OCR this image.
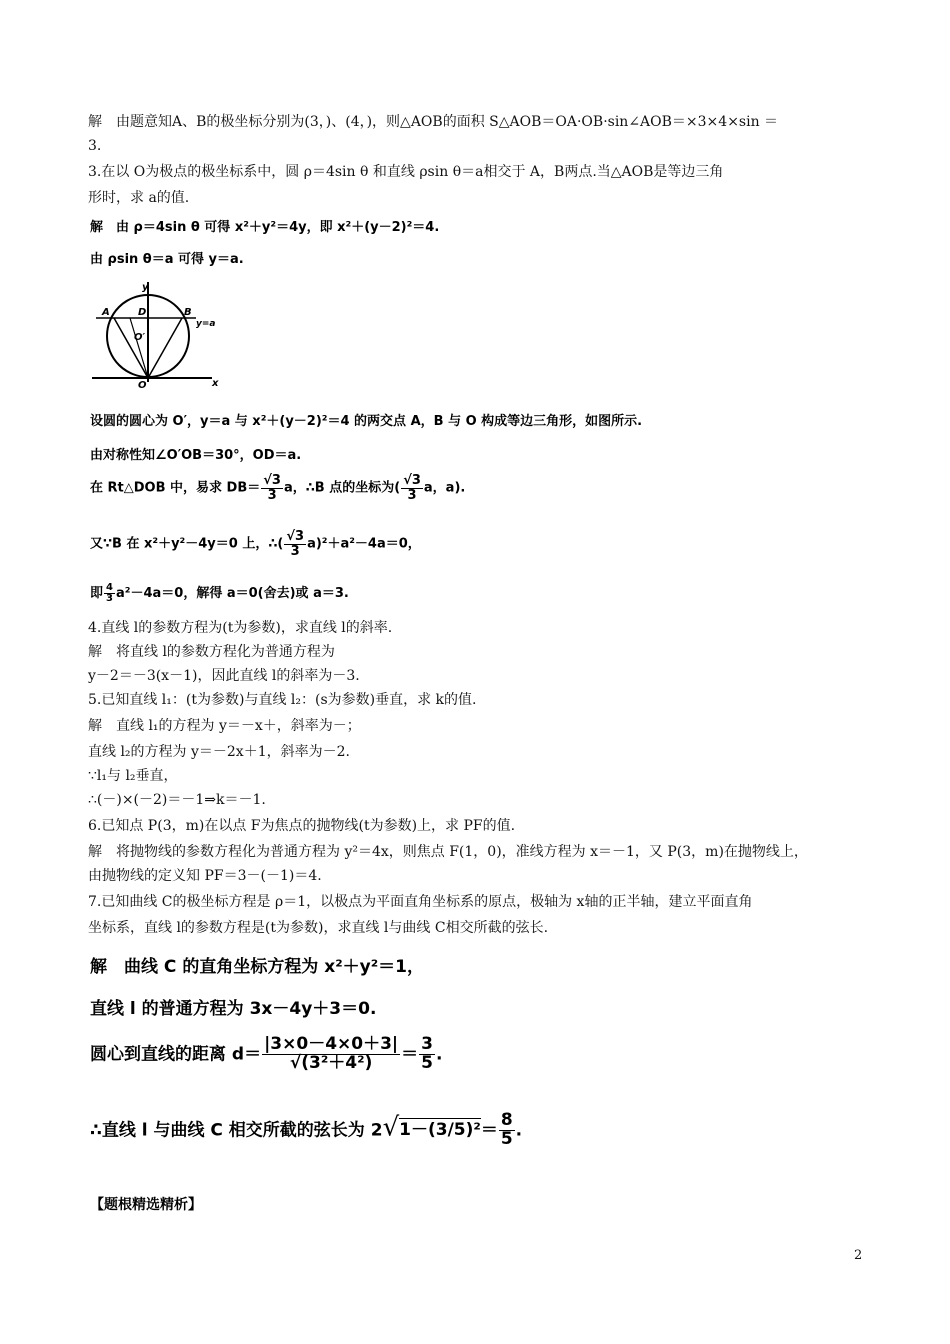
解　由题意知A、B的极坐标分别为(3，)、(4，)，则△AOB的面积 S△AOB＝OA·OB·sin∠AOB＝×3×4×sin ＝
3.
3.在以 O为极点的极坐标系中，圆 ρ＝4sin θ 和直线 ρsin θ＝a相交于 A，B两点.当△AOB是等边三角
形时，求 a的值.
解　由 ρ＝4sin θ 可得 x²＋y²＝4y，即 x²＋(y－2)²＝4.
由 ρsin θ＝a 可得 y＝a.
y
x
A	B
D
O′
O
y=a
设圆的圆心为 O′，y＝a 与 x²＋(y－2)²＝4 的两交点 A，B 与 O 构成等边三角形，如图所示.
由对称性知∠O′OB＝30°，OD＝a.
在 Rt△DOB 中，易求 $DB= \frac{√3}{3}$ a，∴B 点的坐标为( $\frac{√3}{3}$ a，a).
又∵B 在 x²＋y²－4y＝0 上，∴( $\frac{√3}{3} a)^2+a^2-4a=0$，
即 $\frac{4}{3} a^2-4a=0$，解得 a＝0(舍去)或 a＝3.
4.直线 l的参数方程为(t为参数)，求直线 l的斜率.
解　将直线 l的参数方程化为普通方程为
y－2＝－3(x－1)，因此直线 l的斜率为－3.
5.已知直线 l₁：(t为参数)与直线 l₂：(s为参数)垂直，求 k的值.
解　直线 l₁的方程为 y＝－x＋，斜率为－；
直线 l₂的方程为 y＝－2x＋1，斜率为－2.
∵l₁与 l₂垂直，
∴(－)×(－2)＝－1⇒k＝－1.
6.已知点 P(3，m)在以点 F为焦点的抛物线(t为参数)上，求 PF的值.
解　将抛物线的参数方程化为普通方程为 y²＝4x，则焦点 F(1，0)，准线方程为 x＝－1，又 P(3，m)在抛物线上，
由抛物线的定义知 PF＝3－(－1)＝4.
7.已知曲线 C的极坐标方程是 ρ＝1，以极点为平面直角坐标系的原点，极轴为 x轴的正半轴，建立平面直角
坐标系，直线 l的参数方程是(t为参数)，求直线 l与曲线 C相交所截的弦长.
解　曲线 C 的直角坐标方程为 x²＋y²＝1，
直线 l 的普通方程为 3x－4y＋3＝0.
圆心到直线的距离 $d= \frac{|3\times 0-4\times 0+3|}{\text{√(3²＋4²)}} = \frac{3}{5}$ .
∴直线 l 与曲线 C 相交所截的弦长为 $2√1-(3/5)^2= \frac{8}{5}$ .
【题根精选精析】
2
